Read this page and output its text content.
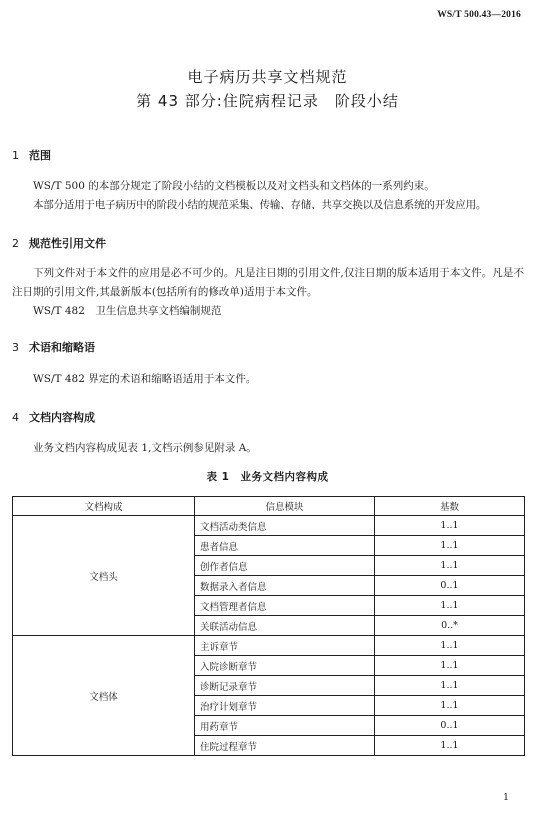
WS/T 500.43—2016
电子病历共享文档规范
第 43 部分:住院病程记录　阶段小结
1 范围
WS/T 500 的本部分规定了阶段小结的文档模板以及对文档头和文档体的一系列约束。
本部分适用于电子病历中的阶段小结的规范采集、传输、存储、共享交换以及信息系统的开发应用。
2 规范性引用文件
下列文件对于本文件的应用是必不可少的。凡是注日期的引用文件,仅注日期的版本适用于本文件。凡是不注日期的引用文件,其最新版本(包括所有的修改单)适用于本文件。
WS/T 482　卫生信息共享文档编制规范
3 术语和缩略语
WS/T 482 界定的术语和缩略语适用于本文件。
4 文档内容构成
业务文档内容构成见表 1,文档示例参见附录 A。
表 1　业务文档内容构成
文档构成	信息模块	基数
文档头	文档活动类信息	1..1
	患者信息	1..1
	创作者信息	1..1
	数据录入者信息	0..1
	文档管理者信息	1..1
	关联活动信息	0..*
文档体	主诉章节	1..1
	入院诊断章节	1..1
	诊断记录章节	1..1
	治疗计划章节	1..1
	用药章节	0..1
	住院过程章节	1..1
1
